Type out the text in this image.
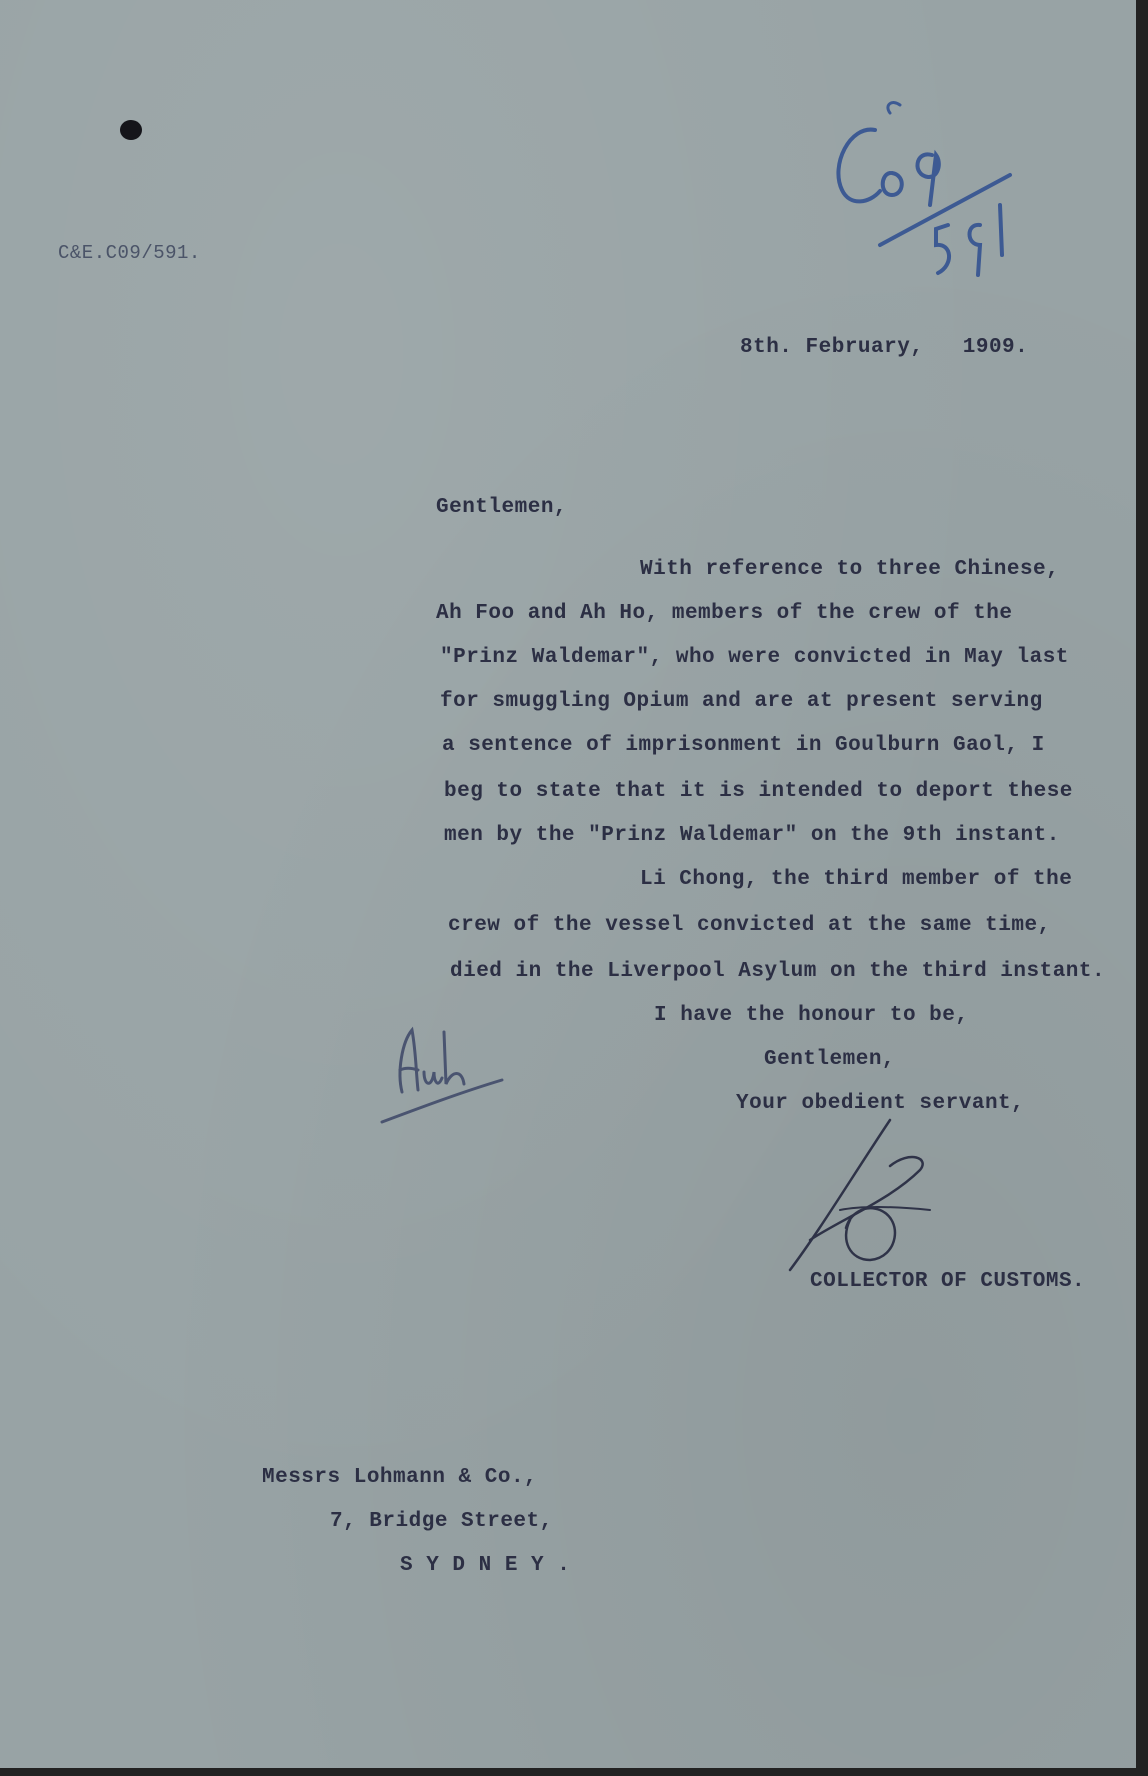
C&E.C09/591.
8th. February,   1909.
Gentlemen,
With reference to three Chinese,
Ah Foo and Ah Ho, members of the crew of the
"Prinz Waldemar", who were convicted in May last
for smuggling Opium and are at present serving
a sentence of imprisonment in Goulburn Gaol, I
beg to state that it is intended to deport these
men by the "Prinz Waldemar" on the 9th instant.
Li Chong, the third member of the
crew of the vessel convicted at the same time,
died in the Liverpool Asylum on the third instant.
I have the honour to be,
Gentlemen,
Your obedient servant,
COLLECTOR OF CUSTOMS.
Messrs Lohmann & Co.,
7, Bridge Street,
S Y D N E Y .
